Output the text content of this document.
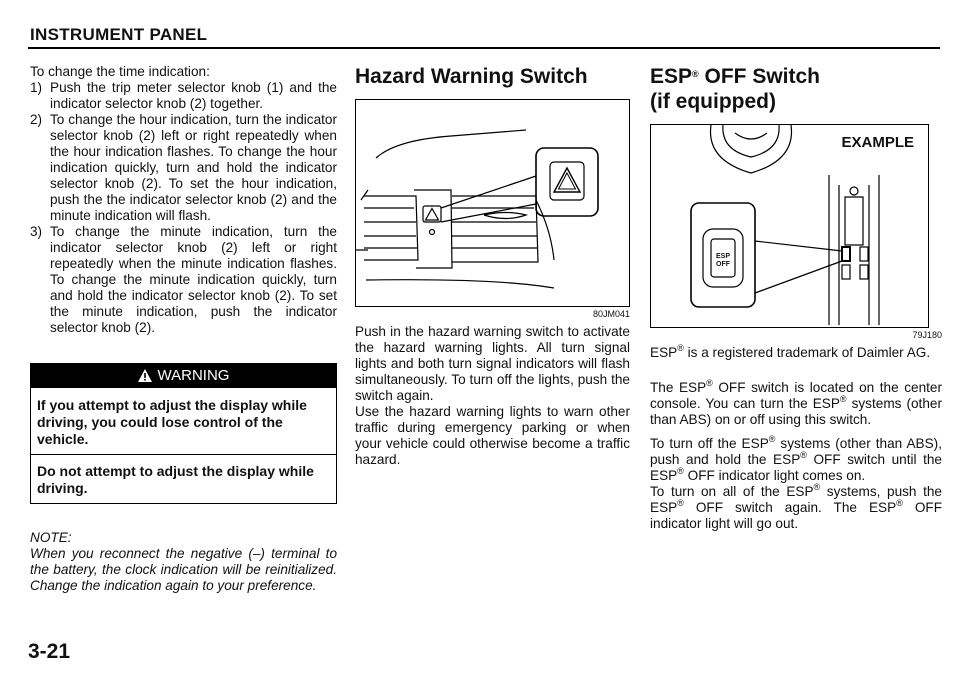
INSTRUMENT PANEL

To change the time indication:

1) Push the trip meter selector knob (1) and the indicator selector knob (2) together.
2) To change the hour indication, turn the indicator selector knob (2) left or right repeatedly when the hour indication flashes. To change the hour indication quickly, turn and hold the indicator selector knob (2). To set the hour indication, push the the indicator selector knob (2) and the minute indication will flash.
3) To change the minute indication, turn the indicator selector knob (2) left or right repeatedly when the minute indication flashes. To change the minute indication quickly, turn and hold the indicator selector knob (2). To set the minute indication, push the indicator selector knob (2).
WARNING

If you attempt to adjust the display while driving, you could lose control of the vehicle.

Do not attempt to adjust the display while driving.

NOTE:

When you reconnect the negative (–) terminal to the battery, the clock indication will be reinitialized. Change the indication again to your preference.

Hazard Warning Switch
80JM041

Push in the hazard warning switch to activate the hazard warning lights. All turn signal lights and both turn signal indicators will flash simultaneously. To turn off the lights, push the switch again.

Use the hazard warning lights to warn other traffic during emergency parking or when your vehicle could otherwise become a traffic hazard.

ESP® OFF Switch
(if equipped)
EXAMPLE
ESP
OFF
79J180

ESP® is a registered trademark of Daimler AG.

The ESP® OFF switch is located on the center console. You can turn the ESP® systems (other than ABS) on or off using this switch.

To turn off the ESP® systems (other than ABS), push and hold the ESP® OFF switch until the ESP® OFF indicator light comes on.

To turn on all of the ESP® systems, push the ESP® OFF switch again. The ESP® OFF indicator light will go out.

3-21
